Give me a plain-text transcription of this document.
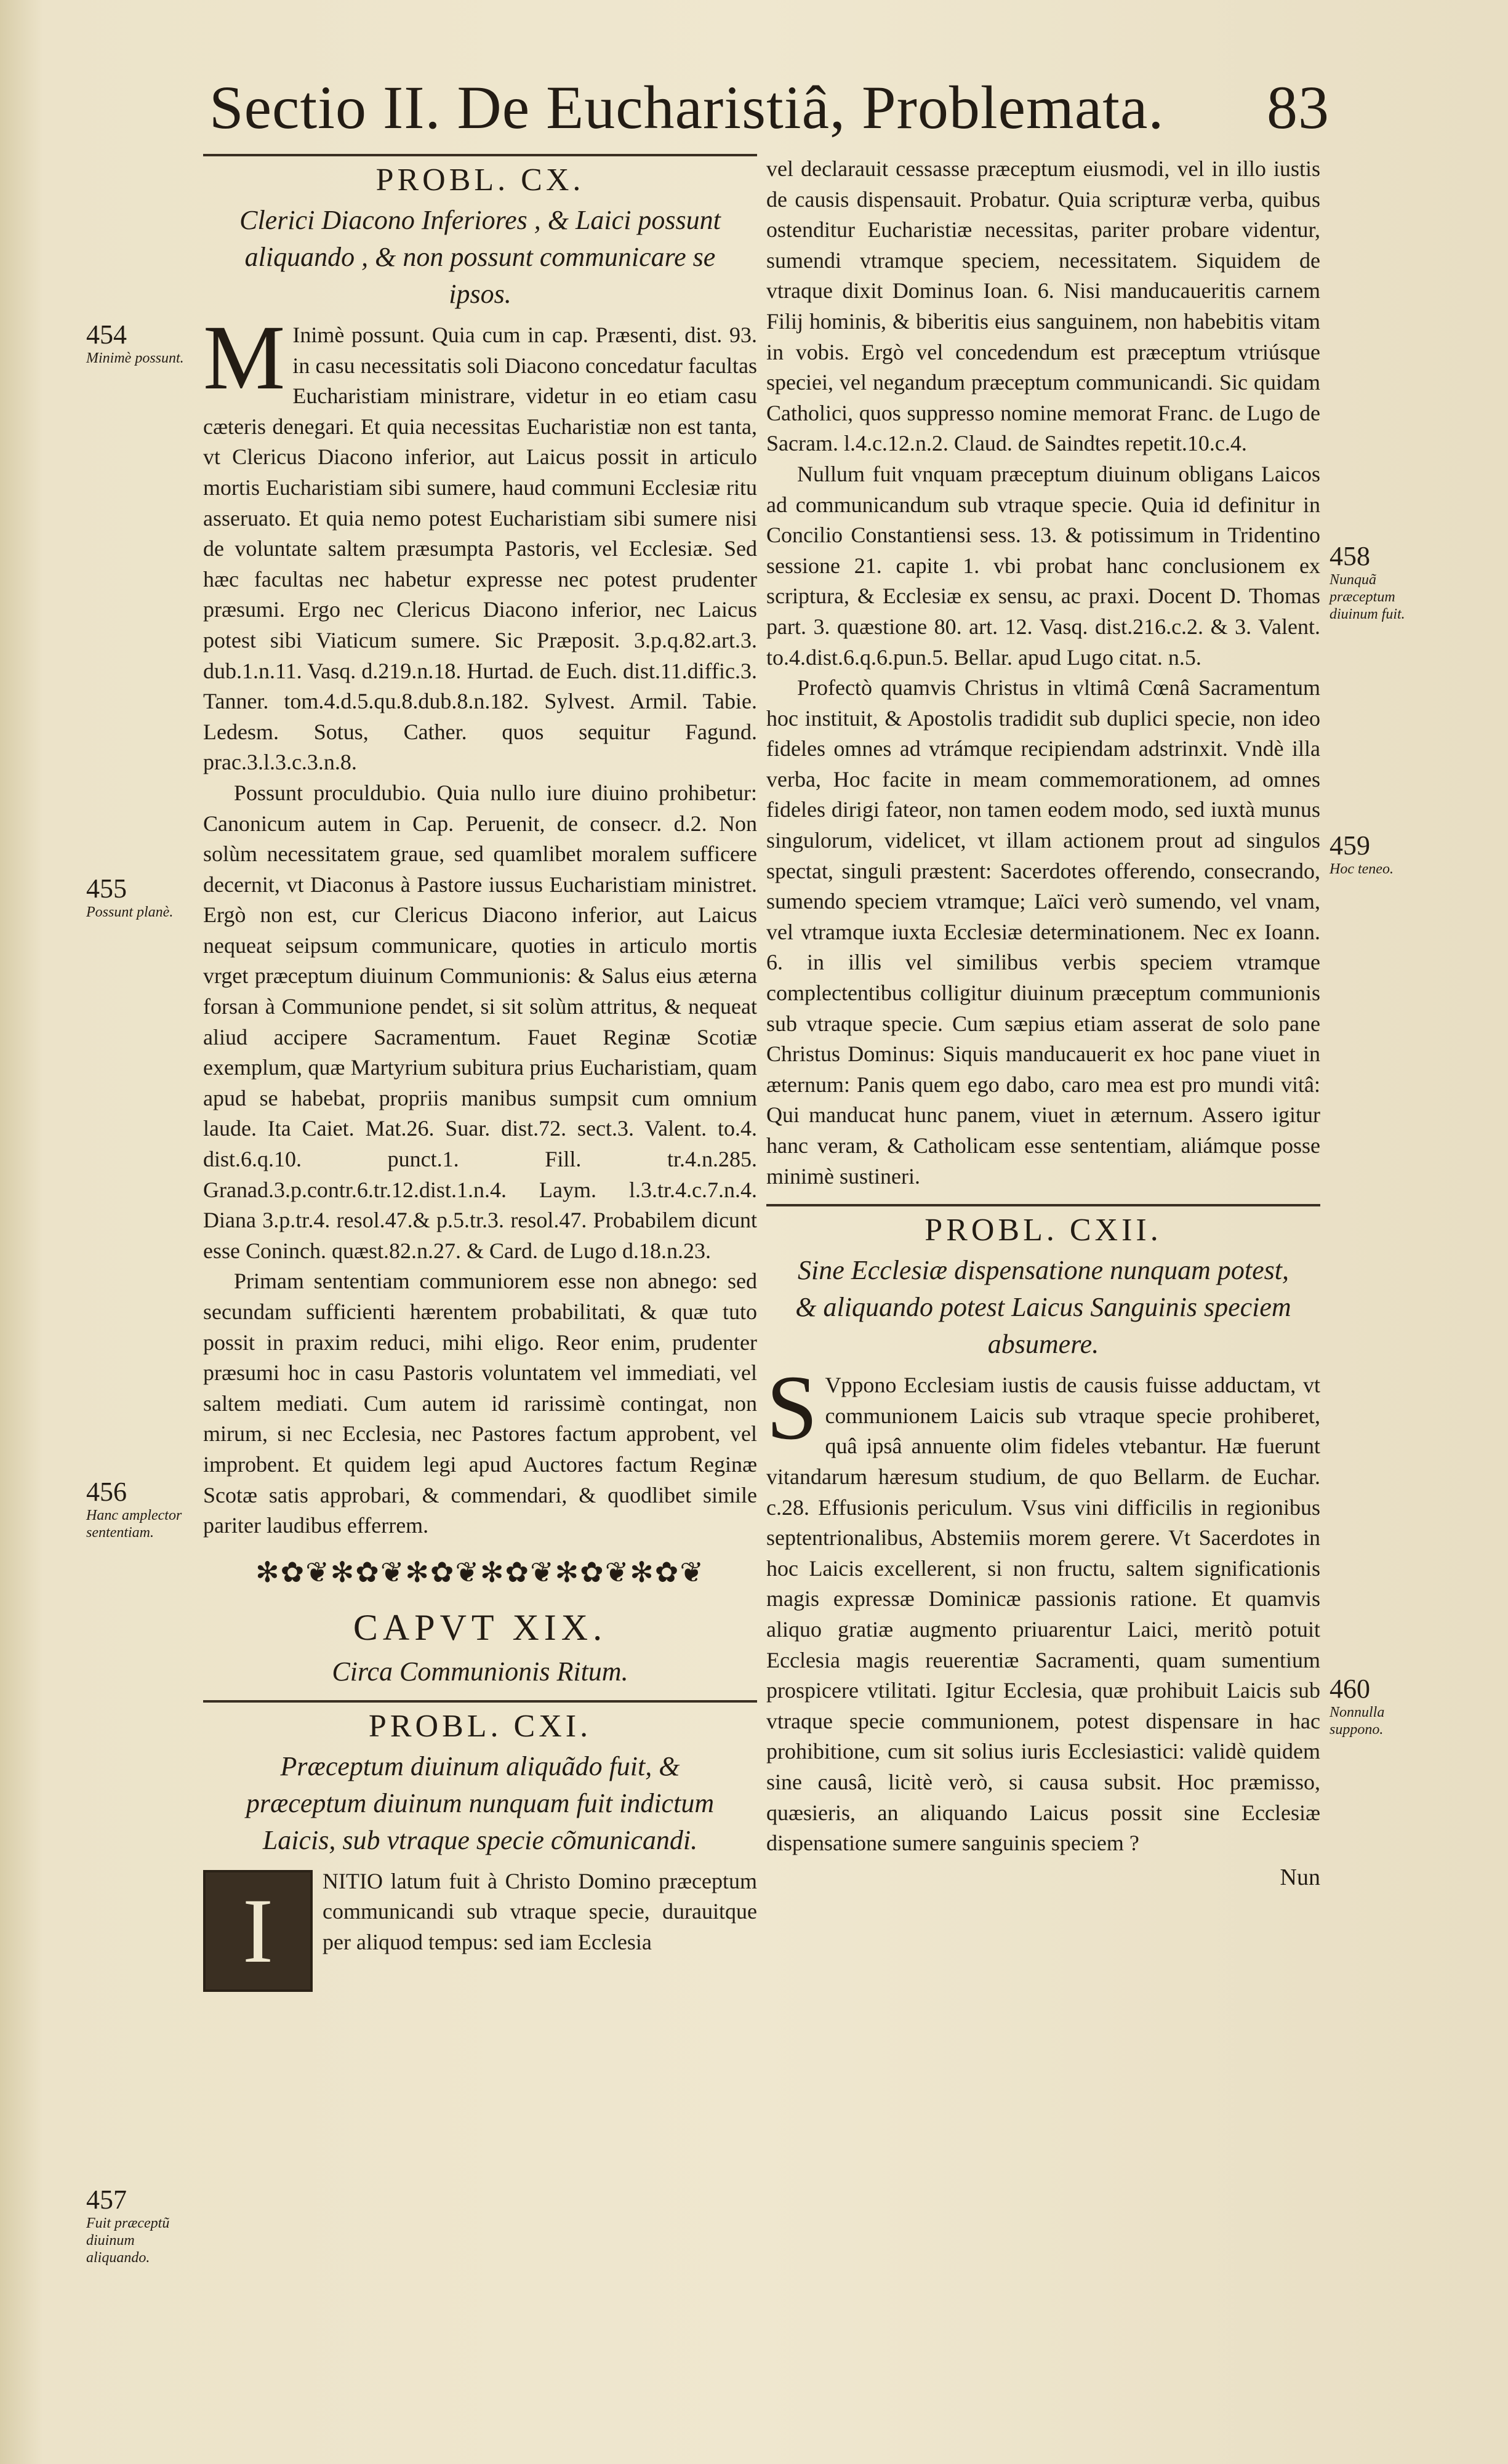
Sectio II. De Eucharistiâ, Problemata. 83
PROBL. CX.
Clerici Diacono Inferiores , & Laici possunt aliquando , & non possunt communicare se ipsos.

M Inimè possunt. Quia cum in cap. Præsenti, dist. 93. in casu necessitatis soli Diacono concedatur facultas Eucharistiam ministrare, videtur in eo etiam casu cæteris denegari. Et quia necessitas Eucharistiæ non est tanta, vt Clericus Diacono inferior, aut Laicus possit in articulo mortis Eucharistiam sibi sumere, haud communi Ecclesiæ ritu asseruato. Et quia nemo potest Eucharistiam sibi sumere nisi de voluntate saltem præsumpta Pastoris, vel Ecclesiæ. Sed hæc facultas nec habetur expresse nec potest prudenter præsumi. Ergo nec Clericus Diacono inferior, nec Laicus potest sibi Viaticum sumere. Sic Præposit. 3.p.q.82.art.3. dub.1.n.11. Vasq. d.219.n.18. Hurtad. de Euch. dist.11.diffic.3. Tanner. tom.4.d.5.qu.8.dub.8.n.182. Sylvest. Armil. Tabie. Ledesm. Sotus, Cather. quos sequitur Fagund. prac.3.l.3.c.3.n.8.

Possunt proculdubio. Quia nullo iure diuino prohibetur: Canonicum autem in Cap. Peruenit, de consecr. d.2. Non solùm necessitatem graue, sed quamlibet moralem sufficere decernit, vt Diaconus à Pastore iussus Eucharistiam ministret. Ergò non est, cur Clericus Diacono inferior, aut Laicus nequeat seipsum communicare, quoties in articulo mortis vrget præceptum diuinum Communionis: & Salus eius æterna forsan à Communione pendet, si sit solùm attritus, & nequeat aliud accipere Sacramentum. Fauet Reginæ Scotiæ exemplum, quæ Martyrium subitura prius Eucharistiam, quam apud se habebat, propriis manibus sumpsit cum omnium laude. Ita Caiet. Mat.26. Suar. dist.72. sect.3. Valent. to.4. dist.6.q.10. punct.1. Fill. tr.4.n.285. Granad.3.p.contr.6.tr.12.dist.1.n.4. Laym. l.3.tr.4.c.7.n.4. Diana 3.p.tr.4. resol.47.& p.5.tr.3. resol.47. Probabilem dicunt esse Coninch. quæst.82.n.27. & Card. de Lugo d.18.n.23.

Primam sententiam communiorem esse non abnego: sed secundam sufficienti hærentem probabilitati, & quæ tuto possit in praxim reduci, mihi eligo. Reor enim, prudenter præsumi hoc in casu Pastoris voluntatem vel immediati, vel saltem mediati. Cum autem id rarissimè contingat, non mirum, si nec Ecclesia, nec Pastores factum approbent, vel improbent. Et quidem legi apud Auctores factum Reginæ Scotæ satis approbari, & commendari, & quodlibet simile pariter laudibus efferrem.

✻✿❦✻✿❦✻✿❦✻✿❦✻✿❦✻✿❦
CAPVT XIX.
Circa Communionis Ritum.
PROBL. CXI.
Præceptum diuinum aliquãdo fuit, & præceptum diuinum nunquam fuit indictum Laicis, sub vtraque specie cõmunicandi.

I	NITIO latum fuit à Christo Domino præceptum communicandi sub vtraque specie, durauitque per aliquod tempus: sed iam Ecclesia

vel declarauit cessasse præceptum eiusmodi, vel in illo iustis de causis dispensauit. Probatur. Quia scripturæ verba, quibus ostenditur Eucharistiæ necessitas, pariter probare videntur, sumendi vtramque speciem, necessitatem. Siquidem de vtraque dixit Dominus Ioan. 6. Nisi manducaueritis carnem Filij hominis, & biberitis eius sanguinem, non habebitis vitam in vobis. Ergò vel concedendum est præceptum vtriúsque speciei, vel negandum præceptum communicandi. Sic quidam Catholici, quos suppresso nomine memorat Franc. de Lugo de Sacram. l.4.c.12.n.2. Claud. de Saindtes repetit.10.c.4.

Nullum fuit vnquam præceptum diuinum obligans Laicos ad communicandum sub vtraque specie. Quia id definitur in Concilio Constantiensi sess. 13. & potissimum in Tridentino sessione 21. capite 1. vbi probat hanc conclusionem ex scriptura, & Ecclesiæ ex sensu, ac praxi. Docent D. Thomas part. 3. quæstione 80. art. 12. Vasq. dist.216.c.2. & 3. Valent. to.4.dist.6.q.6.pun.5. Bellar. apud Lugo citat. n.5.

Profectò quamvis Christus in vltimâ Cœnâ Sacramentum hoc instituit, & Apostolis tradidit sub duplici specie, non ideo fideles omnes ad vtrámque recipiendam adstrinxit. Vndè illa verba, Hoc facite in meam commemorationem, ad omnes fideles dirigi fateor, non tamen eodem modo, sed iuxtà munus singulorum, videlicet, vt illam actionem prout ad singulos spectat, singuli præstent: Sacerdotes offerendo, consecrando, sumendo speciem vtramque; Laïci verò sumendo, vel vnam, vel vtramque iuxta Ecclesiæ determinationem. Nec ex Ioann. 6. in illis vel similibus verbis speciem vtramque complectentibus colligitur diuinum præceptum communionis sub vtraque specie. Cum sæpius etiam asserat de solo pane Christus Dominus: Siquis manducauerit ex hoc pane viuet in æternum: Panis quem ego dabo, caro mea est pro mundi vitâ: Qui manducat hunc panem, viuet in æternum. Assero igitur hanc veram, & Catholicam esse sententiam, aliámque posse minimè sustineri.

PROBL. CXII.
Sine Ecclesiæ dispensatione nunquam potest, & aliquando potest Laicus Sanguinis speciem absumere.

S Vppono Ecclesiam iustis de causis fuisse adductam, vt communionem Laicis sub vtraque specie prohiberet, quâ ipsâ annuente olim fideles vtebantur. Hæ fuerunt vitandarum hæresum studium, de quo Bellarm. de Euchar. c.28. Effusionis periculum. Vsus vini difficilis in regionibus septentrionalibus, Abstemiis morem gerere. Vt Sacerdotes in hoc Laicis excellerent, si non fructu, saltem significationis magis expressæ Dominicæ passionis ratione. Et quamvis aliquo gratiæ augmento priuarentur Laici, meritò potuit Ecclesia magis reuerentiæ Sacramenti, quam sumentium prospicere vtilitati. Igitur Ecclesia, quæ prohibuit Laicis sub vtraque specie communionem, potest dispensare in hac prohibitione, cum sit solius iuris Ecclesiastici: validè quidem sine causâ, licitè verò, si causa subsit. Hoc præmisso, quæsieris, an aliquando Laicus possit sine Ecclesiæ dispensatione sumere sanguinis speciem ?

Nun
454
Minimè possunt.
455
Possunt planè.
456
Hanc amplector sententiam.
457
Fuit præceptũ diuinum aliquando.
458
Nunquã præceptum diuinum fuit.
459
Hoc teneo.
460
Nonnulla suppono.
